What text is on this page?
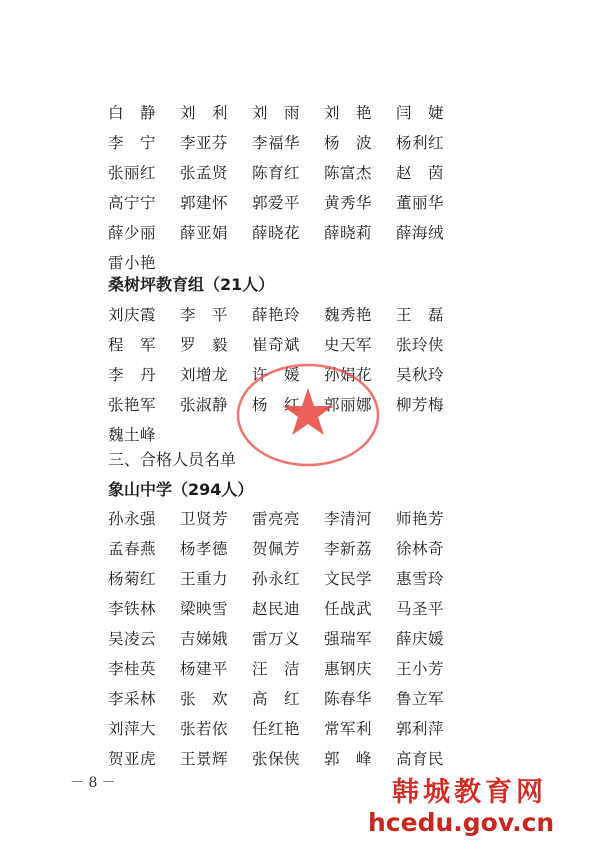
白　静 刘　利 刘　雨 刘　艳 闫　婕
李　宁 李亚芬 李福华 杨　波 杨利红
张丽红 张孟贤 陈育红 陈富杰 赵　茵
高宁宁 郭建怀 郭爱平 黄秀华 董丽华
薛少丽 薛亚娟 薛晓花 薛晓莉 薛海绒
雷小艳
桑树坪教育组（21人）
刘庆霞 李　平 薛艳玲 魏秀艳 王　磊
程　军 罗　毅 崔奇斌 史天军 张玲侠
李　丹 刘增龙 许　媛 孙娟花 吴秋玲
张艳军 张淑静 杨　红 郭丽娜 柳芳梅
魏土峰
三、合格人员名单
象山中学（294人）
孙永强 卫贤芳 雷亮亮 李清河 师艳芳
孟春燕 杨孝德 贺佩芳 李新荔 徐林奇
杨菊红 王重力 孙永红 文民学 惠雪玲
李铁林 梁映雪 赵民迪 任战武 马圣平
吴凌云 吉娣娥 雷万义 强瑞军 薛庆媛
李桂英 杨建平 汪　洁 惠钢庆 王小芳
李采林 张　欢 高　红 陈春华 鲁立军
刘萍大 张若依 任红艳 常军利 郭利萍
贺亚虎 王景辉 张保侠 郭　峰 高育民
－ 8 －	韩城教育网
hcedu.gov.cn
